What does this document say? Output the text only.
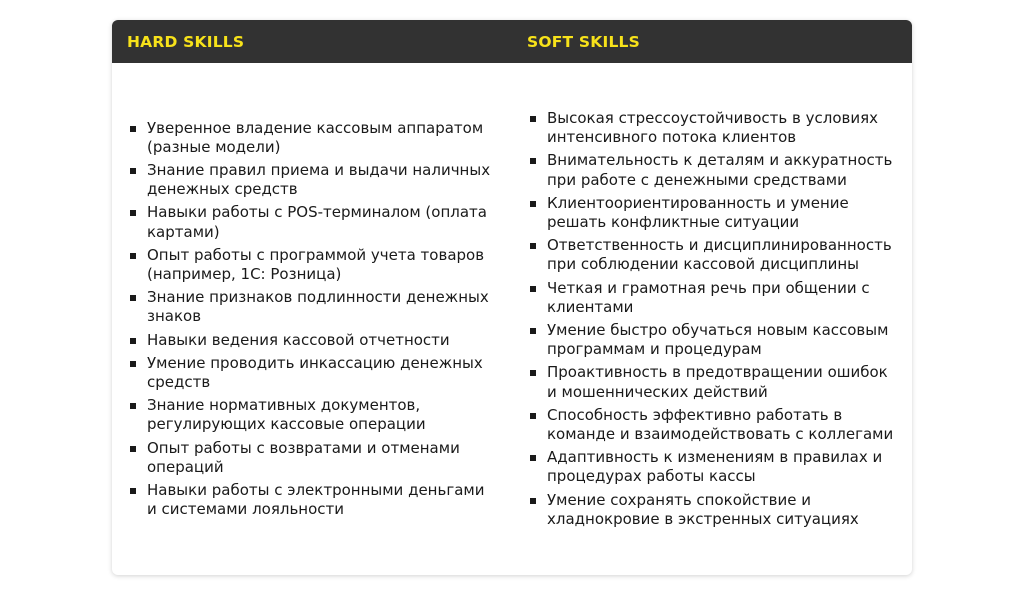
HARD SKILLS	SOFT SKILLS
Уверенное владение кассовым аппаратом (разные модели)
Знание правил приема и выдачи наличных денежных средств
Навыки работы с POS-терминалом (оплата картами)
Опыт работы с программой учета товаров (например, 1С: Розница)
Знание признаков подлинности денежных знаков
Навыки ведения кассовой отчетности
Умение проводить инкассацию денежных средств
Знание нормативных документов, регулирующих кассовые операции
Опыт работы с возвратами и отменами операций
Навыки работы с электронными деньгами и системами лояльности
Высокая стрессоустойчивость в условиях интенсивного потока клиентов
Внимательность к деталям и аккуратность при работе с денежными средствами
Клиентоориентированность и умение решать конфликтные ситуации
Ответственность и дисциплинированность при соблюдении кассовой дисциплины
Четкая и грамотная речь при общении с клиентами
Умение быстро обучаться новым кассовым программам и процедурам
Проактивность в предотвращении ошибок и мошеннических действий
Способность эффективно работать в команде и взаимодействовать с коллегами
Адаптивность к изменениям в правилах и процедурах работы кассы
Умение сохранять спокойствие и хладнокровие в экстренных ситуациях
